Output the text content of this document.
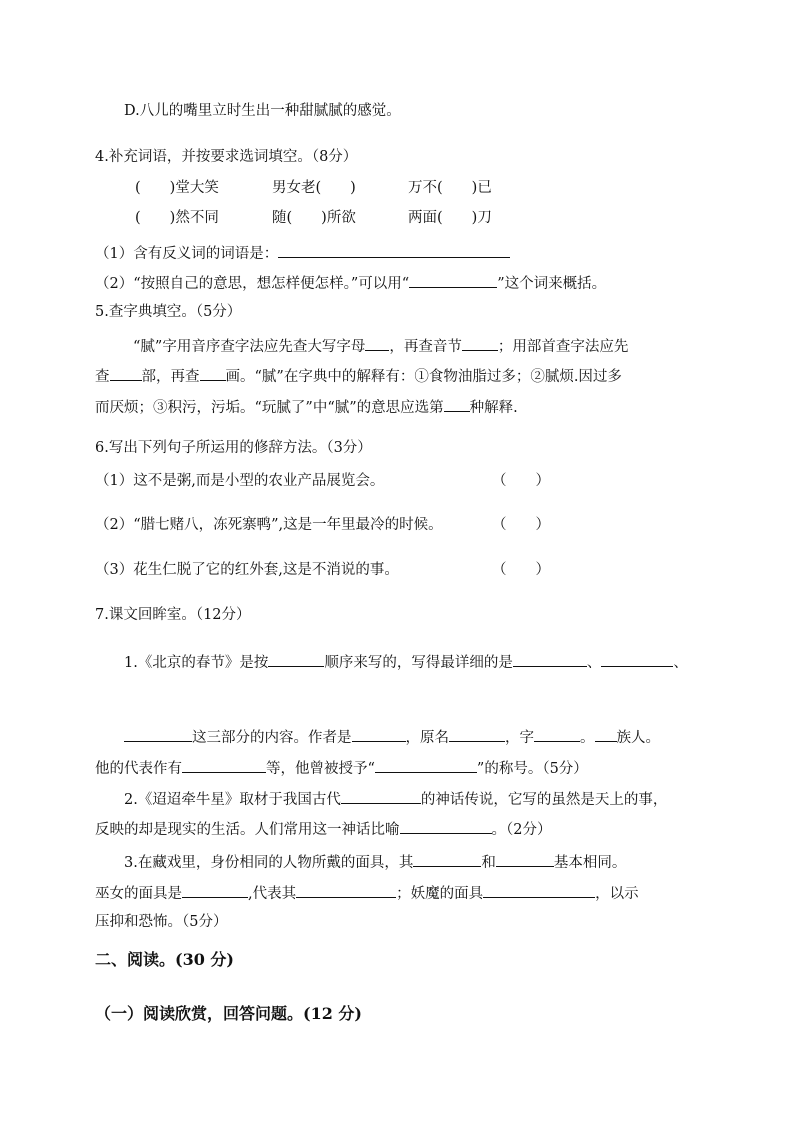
D.八儿的嘴里立时生出一种甜腻腻的感觉。
4.补充词语，并按要求选词填空。（8分）
(　　)堂大笑	男女老(　　)	万不(　　)已
(　　)然不同	随(　　)所欲	两面(　　)刀
（1）含有反义词的词语是：
（2）“按照自己的意思，想怎样便怎样。”可以用“	”这个词来概括。
5.查字典填空。（5分）
“腻”字用音序查字法应先查大写字母 ，再查音节 ；用部首查字法应先
查 部，再查 画。“腻”在字典中的解释有：①食物油脂过多；②腻烦.因过多
而厌烦；③积污，污垢。“玩腻了”中“腻”的意思应选第 种解释.
6.写出下列句子所运用的修辞方法。（3分）
（1）这不是粥,而是小型的农业产品展览会。	（　　）
（2）“腊七赌八，冻死寨鸭”,这是一年里最冷的时候。	（　　）
（3）花生仁脱了它的红外套,这是不消说的事。	（　　）
7.课文回眸室。（12分）
1.《北京的春节》是按	顺序来写的，写得最详细的是	、	、
这三部分的内容。作者是	，原名	，字	。 族人。
他的代表作有	等，他曾被授予“	”的称号。（5分）
2.《迢迢牵牛星》取材于我国古代	的神话传说，它写的虽然是天上的事，
反映的却是现实的生活。人们常用这一神话比喻	。（2分）
3.在藏戏里，身份相同的人物所戴的面具，其	和	基本相同。
巫女的面具是	,代表其	；妖魔的面具	，以示
压抑和恐怖。（5分）
二、阅读。(30 分)
（一）阅读欣赏，回答问题。(12 分)
